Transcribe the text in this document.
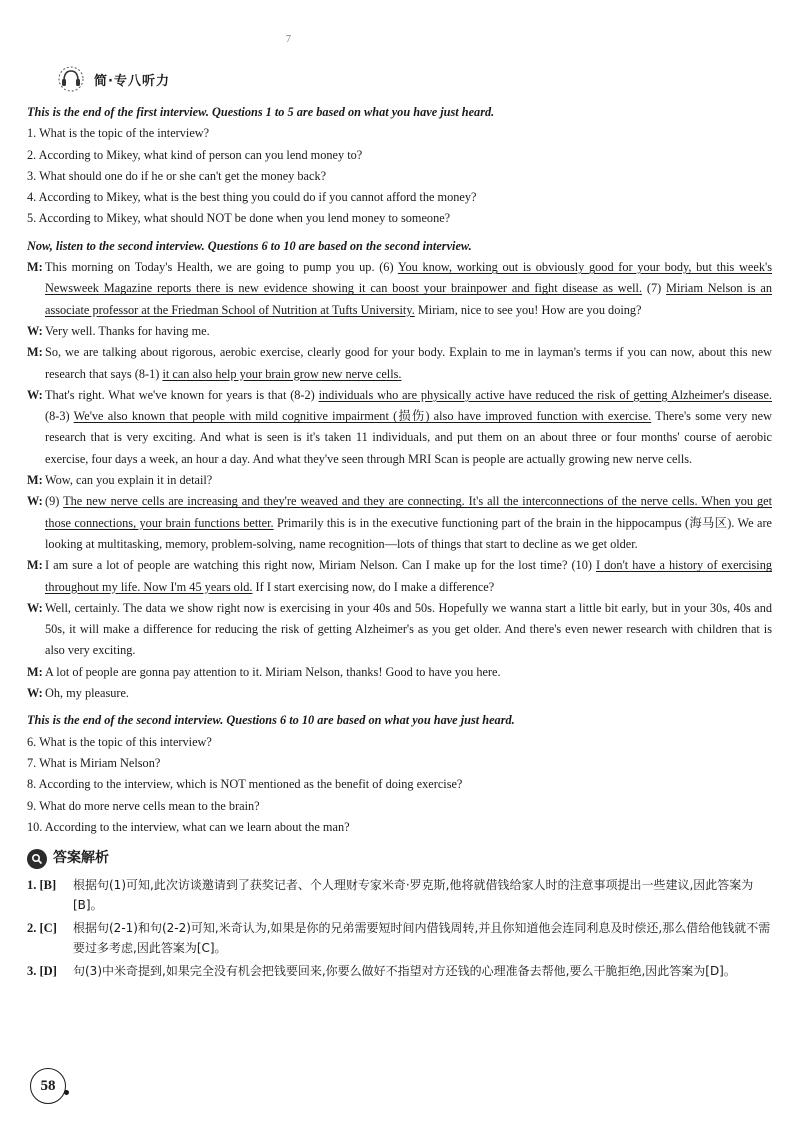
7
简·专八听力

This is the end of the first interview. Questions 1 to 5 are based on what you have just heard.

1. What is the topic of the interview?

2. According to Mikey, what kind of person can you lend money to?

3. What should one do if he or she can't get the money back?

4. According to Mikey, what is the best thing you could do if you cannot afford the money?

5. According to Mikey, what should NOT be done when you lend money to someone?

Now, listen to the second interview. Questions 6 to 10 are based on the second interview.

M: This morning on Today's Health, we are going to pump you up. (6) You know, working out is obviously good for your body, but this week's Newsweek Magazine reports there is new evidence showing it can boost your brainpower and fight disease as well. (7) Miriam Nelson is an associate professor at the Friedman School of Nutrition at Tufts University. Miriam, nice to see you! How are you doing?
W: Very well. Thanks for having me.
M: So, we are talking about rigorous, aerobic exercise, clearly good for your body. Explain to me in layman's terms if you can now, about this new research that says (8-1) it can also help your brain grow new nerve cells.
W: That's right. What we've known for years is that (8-2) individuals who are physically active have reduced the risk of getting Alzheimer's disease. (8-3) We've also known that people with mild cognitive impairment (损伤) also have improved function with exercise. There's some very new research that is very exciting. And what is seen is it's taken 11 individuals, and put them on an about three or four months' course of aerobic exercise, four days a week, an hour a day. And what they've seen through MRI Scan is people are actually growing new nerve cells.
M: Wow, can you explain it in detail?
W: (9) The new nerve cells are increasing and they're weaved and they are connecting. It's all the interconnections of the nerve cells. When you get those connections, your brain functions better. Primarily this is in the executive functioning part of the brain in the hippocampus (海马区). We are looking at multitasking, memory, problem-solving, name recognition—lots of things that start to decline as we get older.
M: I am sure a lot of people are watching this right now, Miriam Nelson. Can I make up for the lost time? (10) I don't have a history of exercising throughout my life. Now I'm 45 years old. If I start exercising now, do I make a difference?
W: Well, certainly. The data we show right now is exercising in your 40s and 50s. Hopefully we wanna start a little bit early, but in your 30s, 40s and 50s, it will make a difference for reducing the risk of getting Alzheimer's as you get older. And there's even newer research with children that is also very exciting.
M: A lot of people are gonna pay attention to it. Miriam Nelson, thanks! Good to have you here.
W: Oh, my pleasure.

This is the end of the second interview. Questions 6 to 10 are based on what you have just heard.

6. What is the topic of this interview?

7. What is Miriam Nelson?

8. According to the interview, which is NOT mentioned as the benefit of doing exercise?

9. What do more nerve cells mean to the brain?

10. According to the interview, what can we learn about the man?

答案解析
1. [B]	根据句(1)可知,此次访谈邀请到了获奖记者、个人理财专家米奇·罗克斯,他将就借钱给家人时的注意事项提出一些建议,因此答案为[B]。
2. [C]	根据句(2-1)和句(2-2)可知,米奇认为,如果是你的兄弟需要短时间内借钱周转,并且你知道他会连同利息及时偿还,那么借给他钱就不需要过多考虑,因此答案为[C]。
3. [D]	句(3)中米奇提到,如果完全没有机会把钱要回来,你要么做好不指望对方还钱的心理准备去帮他,要么干脆拒绝,因此答案为[D]。
58
